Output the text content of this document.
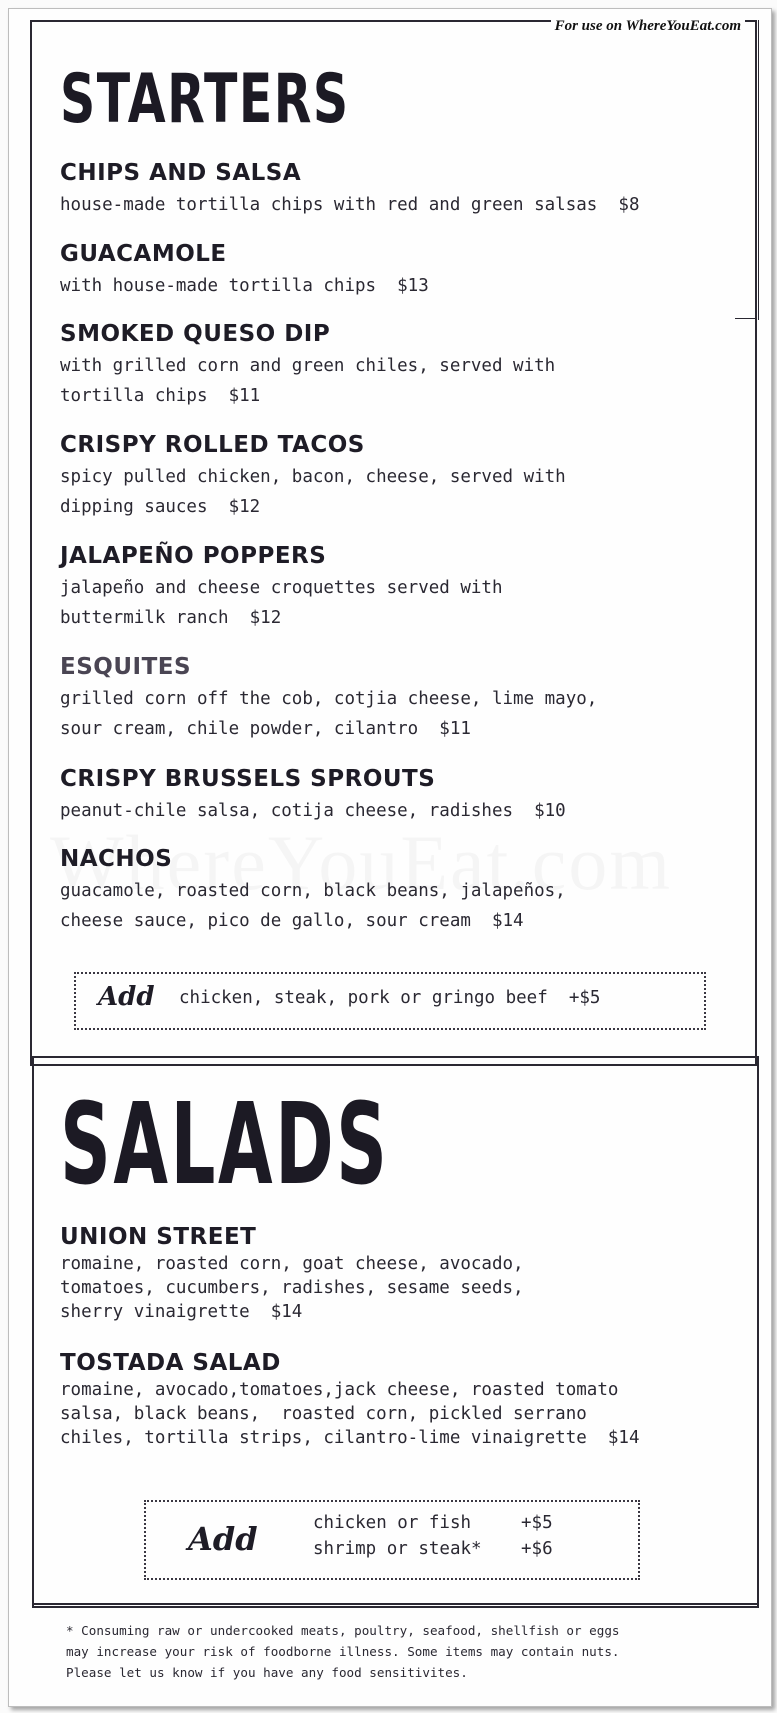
For use on WhereYouEat.com
STARTERS

CHIPS AND SALSA

house-made tortilla chips with red and green salsas  $8

GUACAMOLE

with house-made tortilla chips  $13

SMOKED QUESO DIP

with grilled corn and green chiles, served with
tortilla chips  $11

CRISPY ROLLED TACOS

spicy pulled chicken, bacon, cheese, served with
dipping sauces  $12

JALAPEÑO POPPERS

jalapeño and cheese croquettes served with
buttermilk ranch  $12

ESQUITES

grilled corn off the cob, cotjia cheese, lime mayo,
sour cream, chile powder, cilantro  $11

CRISPY BRUSSELS SPROUTS

peanut-chile salsa, cotija cheese, radishes  $10

NACHOS

guacamole, roasted corn, black beans, jalapeños,
cheese sauce, pico de gallo, sour cream  $14

Add chicken, steak, pork or gringo beef  +$5
SALADS

UNION STREET

romaine, roasted corn, goat cheese, avocado,
tomatoes, cucumbers, radishes, sesame seeds,
sherry vinaigrette  $14

TOSTADA SALAD

romaine, avocado,tomatoes,jack cheese, roasted tomato
salsa, black beans,  roasted corn, pickled serrano
chiles, tortilla strips, cilantro-lime vinaigrette  $14

Add	chicken or fish	+$5
shrimp or steak* +$6
* Consuming raw or undercooked meats, poultry, seafood, shellfish or eggs
may increase your risk of foodborne illness. Some items may contain nuts.
Please let us know if you have any food sensitivites.
